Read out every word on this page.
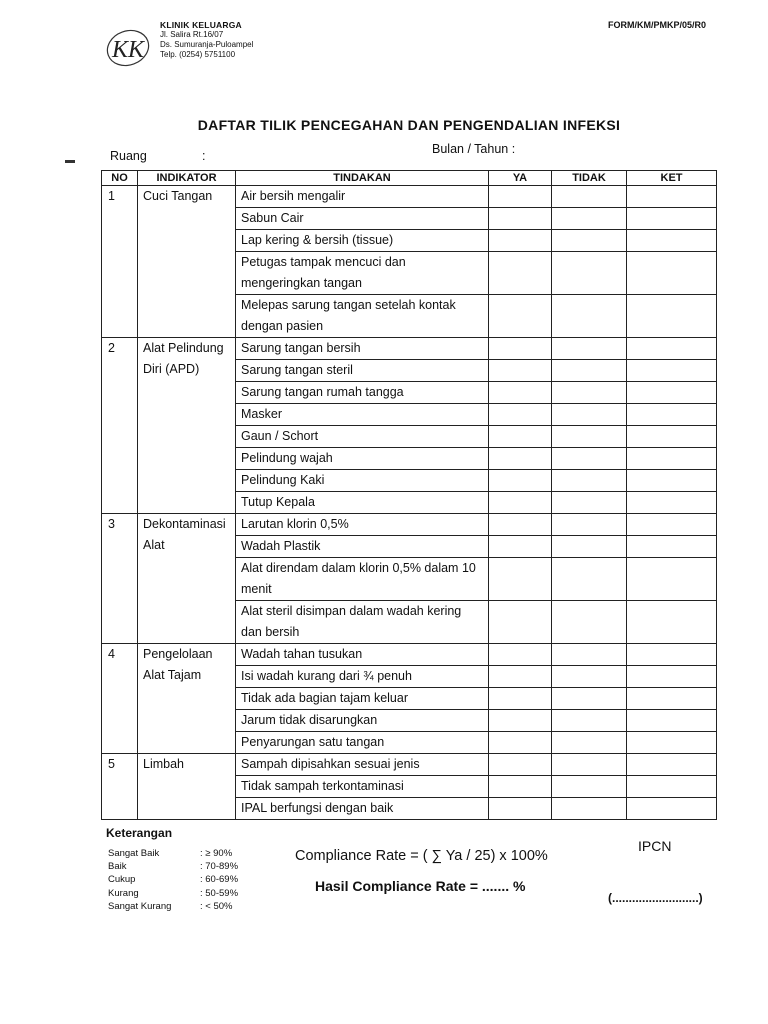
KK
KLINIK KELUARGA
Jl. Salira Rt.16/07
Ds. Sumuranja-Puloampel
Telp. (0254) 5751100
FORM/KM/PMKP/05/R0
DAFTAR TILIK PENCEGAHAN DAN PENGENDALIAN INFEKSI
Ruang	:	Bulan / Tahun :
NO	INDIKATOR	TINDAKAN	YA	TIDAK	KET
1	Cuci Tangan	Air bersih mengalir			
		Sabun Cair			
		Lap kering & bersih (tissue)			
		Petugas tampak mencuci dan mengeringkan tangan			
		Melepas sarung tangan setelah kontak dengan pasien			
2	Alat Pelindung Diri (APD)	Sarung tangan bersih			
		Sarung tangan steril			
		Sarung tangan rumah tangga			
		Masker			
		Gaun / Schort			
		Pelindung wajah			
		Pelindung Kaki			
		Tutup Kepala			
3	Dekontaminasi Alat	Larutan klorin 0,5%			
		Wadah Plastik			
		Alat direndam dalam klorin 0,5% dalam 10 menit			
		Alat steril disimpan dalam wadah kering dan bersih			
4	Pengelolaan Alat Tajam	Wadah tahan tusukan			
		Isi wadah kurang dari ¾ penuh			
		Tidak ada bagian tajam keluar			
		Jarum tidak disarungkan			
		Penyarungan satu tangan			
5	Limbah	Sampah dipisahkan sesuai jenis			
		Tidak sampah terkontaminasi			
		IPAL berfungsi dengan baik			
Keterangan
Sangat Baik	: ≥ 90%
Baik	: 70-89%
Cukup	: 60-69%
Kurang	: 50-59%
Sangat Kurang	: < 50%
Compliance Rate = ( ∑ Ya / 25) x 100%
Hasil Compliance Rate = ....... %
IPCN
(..........................)
